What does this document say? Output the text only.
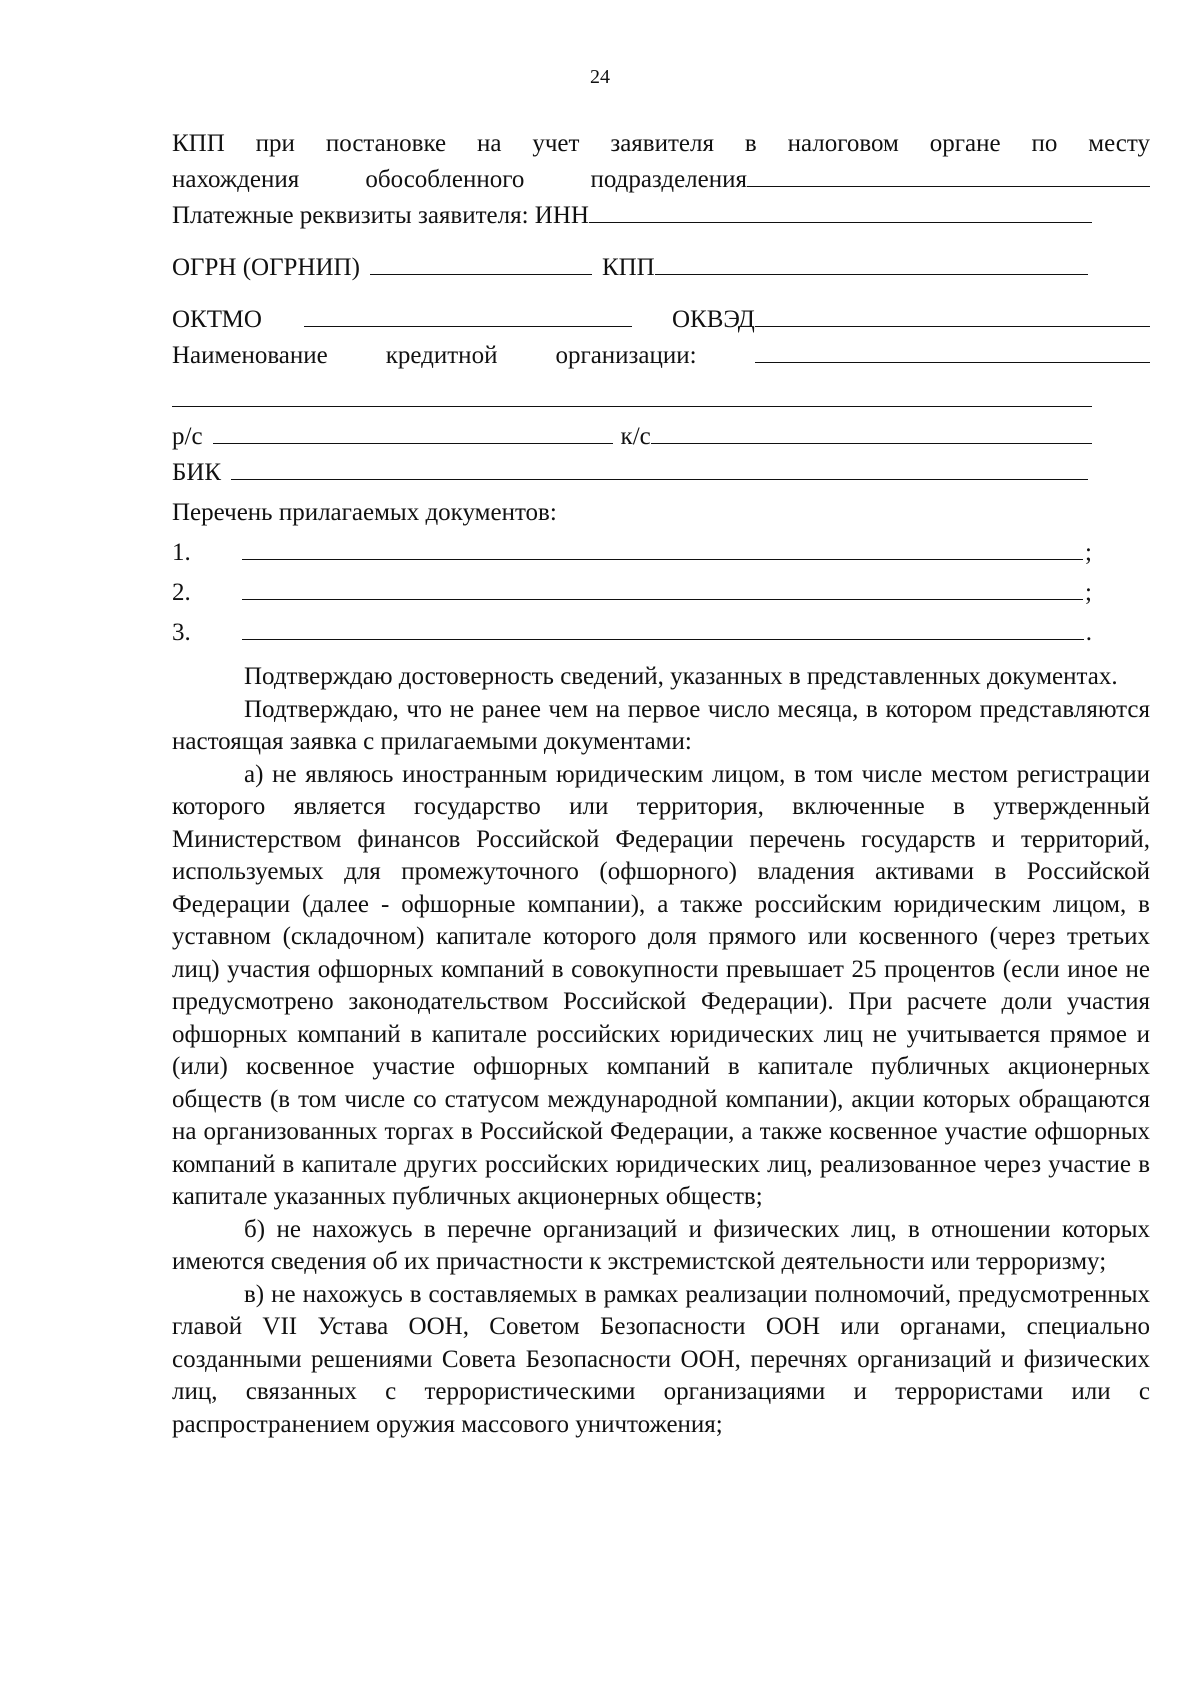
24
КПП при постановке на учет заявителя в налоговом органе по месту
нахождения обособленного подразделения
Платежные реквизиты заявителя: ИНН
ОГРН (ОГРНИП)	КПП
ОКТМО	ОКВЭД
Наименование кредитной организации:
р/с	к/с
БИК
Перечень прилагаемых документов:
1.	;
2.	;
3.	.
Подтверждаю достоверность сведений, указанных в представленных документах.
Подтверждаю, что не ранее чем на первое число месяца, в котором представляются настоящая заявка с прилагаемыми документами:
а) не являюсь иностранным юридическим лицом, в том числе местом регистрации которого является государство или территория, включенные в утвержденный Министерством финансов Российской Федерации перечень государств и территорий, используемых для промежуточного (офшорного) владения активами в Российской Федерации (далее - офшорные компании), а также российским юридическим лицом, в уставном (складочном) капитале которого доля прямого или косвенного (через третьих лиц) участия офшорных компаний в совокупности превышает 25 процентов (если иное не предусмотрено законодательством Российской Федерации). При расчете доли участия офшорных компаний в капитале российских юридических лиц не учитывается прямое и (или) косвенное участие офшорных компаний в капитале публичных акционерных обществ (в том числе со статусом международной компании), акции которых обращаются на организованных торгах в Российской Федерации, а также косвенное участие офшорных компаний в капитале других российских юридических лиц, реализованное через участие в капитале указанных публичных акционерных обществ;
б) не нахожусь в перечне организаций и физических лиц, в отношении которых имеются сведения об их причастности к экстремистской деятельности или терроризму;
в) не нахожусь в составляемых в рамках реализации полномочий, предусмотренных главой VII Устава ООН, Советом Безопасности ООН или органами, специально созданными решениями Совета Безопасности ООН, перечнях организаций и физических лиц, связанных с террористическими организациями и террористами или с распространением оружия массового уничтожения;
